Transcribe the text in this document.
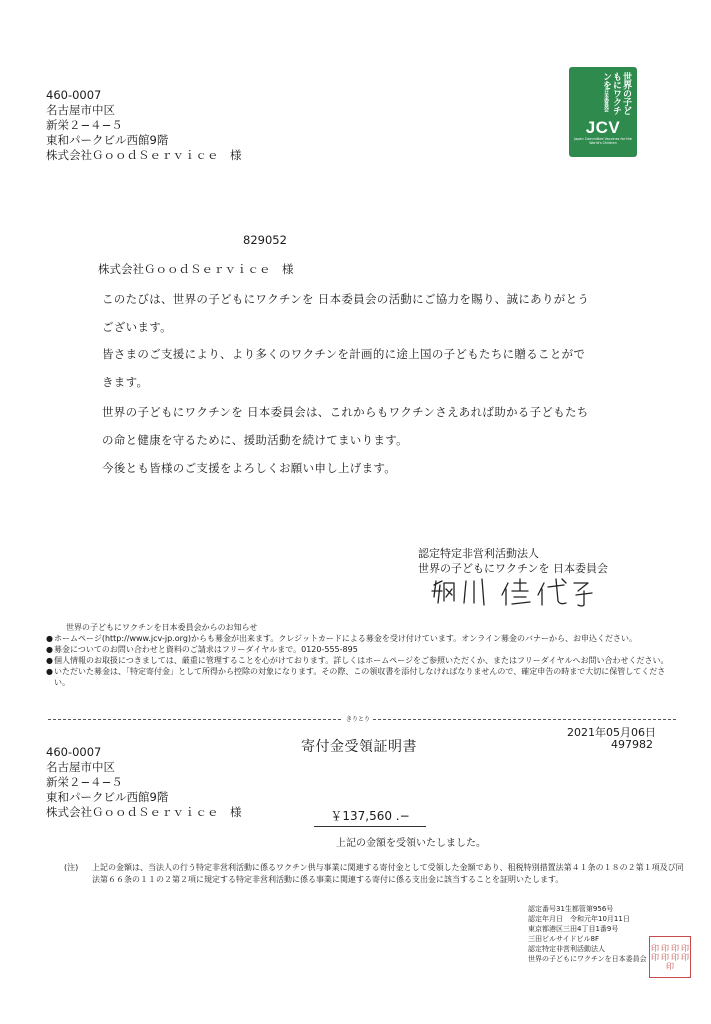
460-0007
名古屋市中区
新栄２−４−５
東和パークビル西館9階
株式会社ＧｏｏｄＳｅｒｖｉｃｅ　様
世界の子どもにワクチンを日本委員会
JCV
Japan Committee Vaccines for the World's Children
829052
株式会社ＧｏｏｄＳｅｒｖｉｃｅ　様
このたびは、世界の子どもにワクチンを 日本委員会の活動にご協力を賜り、誠にありがとう
ございます。
皆さまのご支援により、より多くのワクチンを計画的に途上国の子どもたちに贈ることがで
きます。
世界の子どもにワクチンを 日本委員会は、これからもワクチンさえあれば助かる子どもたち
の命と健康を守るために、援助活動を続けてまいります。
今後とも皆様のご支援をよろしくお願い申し上げます。
認定特定非営利活動法人
世界の子どもにワクチンを 日本委員会
世界の子どもにワクチンを日本委員会からのお知らせ
● ホームページ(http://www.jcv-jp.org)からも募金が出来ます。クレジットカードによる募金を受け付けています。オンライン募金のバナーから、お申込ください。
● 募金についてのお問い合わせと資料のご請求はフリーダイヤルまで。0120-555-895
● 個人情報のお取扱につきましては、厳重に管理することを心がけております。詳しくはホームページをご参照いただくか、またはフリーダイヤルへお問い合わせください。
● いただいた募金は、「特定寄付金」として所得から控除の対象になります。その際、この領収書を添付しなければなりませんので、確定申告の時まで大切に保管してください。
きりとり
2021年05月06日
寄付金受領証明書	497982
460-0007
名古屋市中区
新栄２−４−５
東和パークビル西館9階
株式会社ＧｏｏｄＳｅｒｖｉｃｅ　様	￥137,560 .−
上記の金額を受領いたしました。
(注) 上記の金額は、当法人の行う特定非営利活動に係るワクチン供与事業に関連する寄付金として受領した金額であり、租税特別措置法第４１条の１８の２第１項及び同法第６６条の１１の２第２項に規定する特定非営利活動に係る事業に関連する寄付に係る支出金に該当することを証明いたします。
認定番号31生都管第956号
認定年月日　令和元年10月11日
東京都港区三田4丁目1番9号
三田ビルサイドビル8F
認定特定非営利活動法人
世界の子どもにワクチンを日本委員会
印 印 印 印
印 印 印 印
印
